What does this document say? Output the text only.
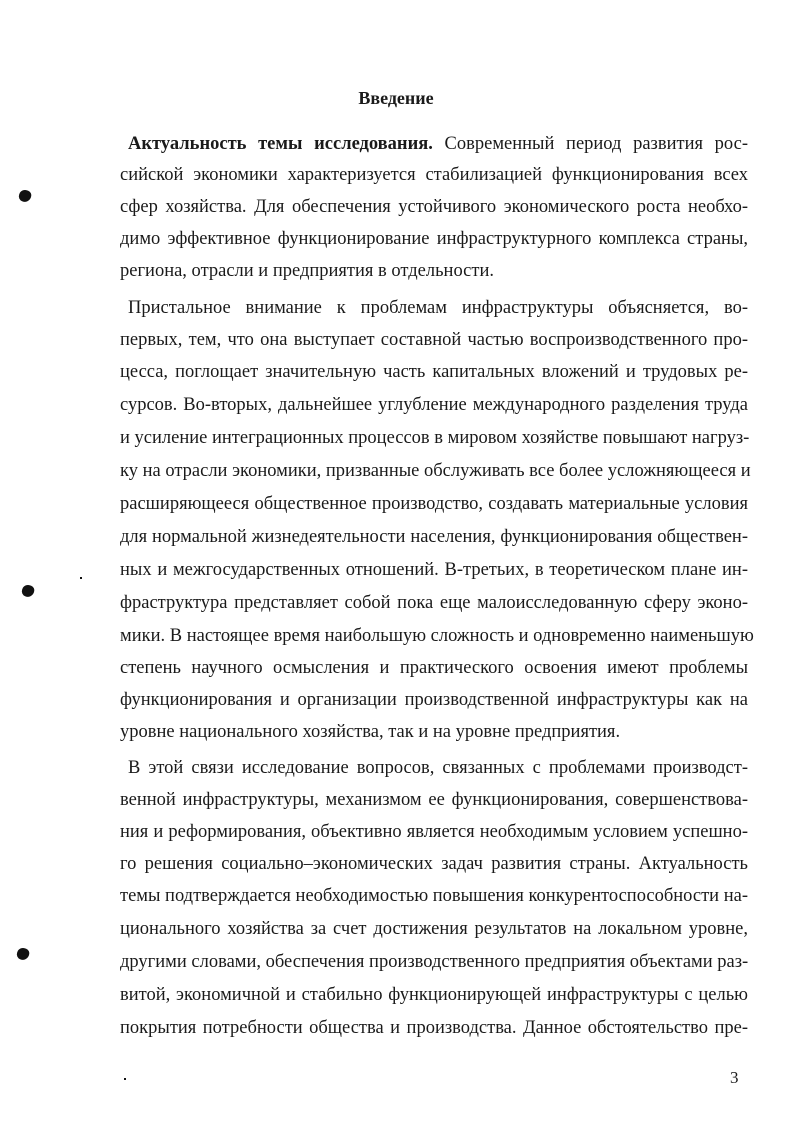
Введение
Актуальность темы исследования. Современный период развития рос-
сийской экономики характеризуется стабилизацией функционирования всех
сфер хозяйства. Для обеспечения устойчивого экономического роста необхо-
димо эффективное функционирование инфраструктурного комплекса страны,
региона, отрасли и предприятия в отдельности.
Пристальное внимание к проблемам инфраструктуры объясняется, во-
первых, тем, что она выступает составной частью воспроизводственного про-
цесса, поглощает значительную часть капитальных вложений и трудовых ре-
сурсов. Во-вторых, дальнейшее углубление международного разделения труда
и усиление интеграционных процессов в мировом хозяйстве повышают нагруз-
ку на отрасли экономики, призванные обслуживать все более усложняющееся и
расширяющееся общественное производство, создавать материальные условия
для нормальной жизнедеятельности населения, функционирования обществен-
ных и межгосударственных отношений. В-третьих, в теоретическом плане ин-
фраструктура представляет собой пока еще малоисследованную сферу эконо-
мики. В настоящее время наибольшую сложность и одновременно наименьшую
степень научного осмысления и практического освоения имеют проблемы
функционирования и организации производственной инфраструктуры как на
уровне национального хозяйства, так и на уровне предприятия.
В этой связи исследование вопросов, связанных с проблемами производст-
венной инфраструктуры, механизмом ее функционирования, совершенствова-
ния и реформирования, объективно является необходимым условием успешно-
го решения социально–экономических задач развития страны. Актуальность
темы подтверждается необходимостью повышения конкурентоспособности на-
ционального хозяйства за счет достижения результатов на локальном уровне,
другими словами, обеспечения производственного предприятия объектами раз-
витой, экономичной и стабильно функционирующей инфраструктуры с целью
покрытия потребности общества и производства. Данное обстоятельство пре-
3
